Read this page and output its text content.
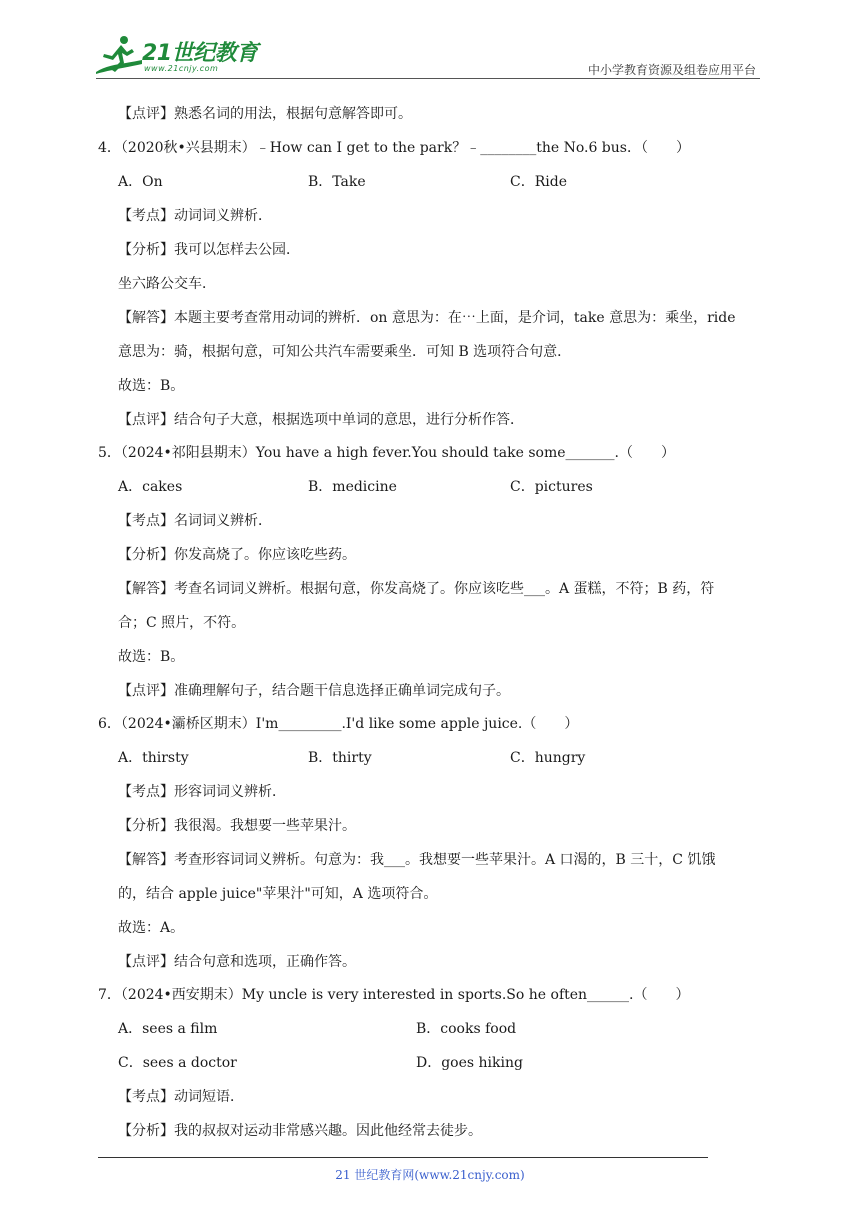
21世纪教育
www.21cnjy.com	中小学教育资源及组卷应用平台
【点评】熟悉名词的用法，根据句意解答即可。
4．（2020秋•兴县期末）﹣How can I get to the park？﹣________the No.6 bus．（　　）
A．On	B．Take	C．Ride
【考点】动词词义辨析．
【分析】我可以怎样去公园．
坐六路公交车．
【解答】本题主要考查常用动词的辨析．on 意思为：在⋯上面，是介词，take 意思为：乘坐，ride
意思为：骑，根据句意，可知公共汽车需要乘坐．可知 B 选项符合句意．
故选：B。
【点评】结合句子大意，根据选项中单词的意思，进行分析作答．
5．（2024•祁阳县期末）You have a high fever.You should take some_______.（　　）
A．cakes	B．medicine	C．pictures
【考点】名词词义辨析．
【分析】你发高烧了。你应该吃些药。
【解答】考查名词词义辨析。根据句意，你发高烧了。你应该吃些___。A 蛋糕，不符；B 药，符
合；C 照片，不符。
故选：B。
【点评】准确理解句子，结合题干信息选择正确单词完成句子。
6．（2024•灞桥区期末）I'm_________.I'd like some apple juice.（　　）
A．thirsty	B．thirty	C．hungry
【考点】形容词词义辨析．
【分析】我很渴。我想要一些苹果汁。
【解答】考查形容词词义辨析。句意为：我___。我想要一些苹果汁。A 口渴的，B 三十，C 饥饿
的，结合 apple juice"苹果汁"可知，A 选项符合。
故选：A。
【点评】结合句意和选项，正确作答。
7．（2024•西安期末）My uncle is very interested in sports.So he often______.（　　）
A．sees a film	B．cooks food
C．sees a doctor	D．goes hiking
【考点】动词短语．
【分析】我的叔叔对运动非常感兴趣。因此他经常去徒步。
21 世纪教育网(www.21cnjy.com)
